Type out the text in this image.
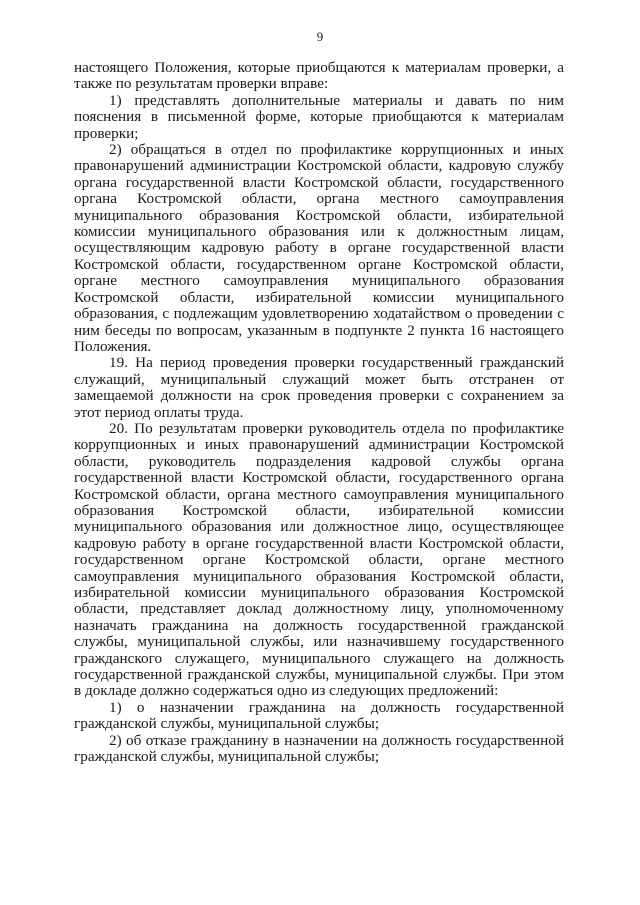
9

настоящего Положения, которые приобщаются к материалам проверки, а также по результатам проверки вправе:

1) представлять дополнительные материалы и давать по ним пояснения в письменной форме, которые приобщаются к материалам проверки;

2) обращаться в отдел по профилактике коррупционных и иных правонарушений администрации Костромской области, кадровую службу органа государственной власти Костромской области, государственного органа Костромской области, органа местного самоуправления муниципального образования Костромской области, избирательной комиссии муниципального образования или к должностным лицам, осуществляющим кадровую работу в органе государственной власти Костромской области, государственном органе Костромской области, органе местного самоуправления муниципального образования Костромской области, избирательной комиссии муниципального образования, с подлежащим удовлетворению ходатайством о проведении с ним беседы по вопросам, указанным в подпункте 2 пункта 16 настоящего Положения.

19. На период проведения проверки государственный гражданский служащий, муниципальный служащий может быть отстранен от замещаемой должности на срок проведения проверки с сохранением за этот период оплаты труда.

20. По результатам проверки руководитель отдела по профилактике коррупционных и иных правонарушений администрации Костромской области, руководитель подразделения кадровой службы органа государственной власти Костромской области, государственного органа Костромской области, органа местного самоуправления муниципального образования Костромской области, избирательной комиссии муниципального образования или должностное лицо, осуществляющее кадровую работу в органе государственной власти Костромской области, государственном органе Костромской области, органе местного самоуправления муниципального образования Костромской области, избирательной комиссии муниципального образования Костромской области, представляет доклад должностному лицу, уполномоченному назначать гражданина на должность государственной гражданской службы, муниципальной службы, или назначившему государственного гражданского служащего, муниципального служащего на должность государственной гражданской службы, муниципальной службы. При этом в докладе должно содержаться одно из следующих предложений:

1) о назначении гражданина на должность государственной гражданской службы, муниципальной службы;

2) об отказе гражданину в назначении на должность государственной гражданской службы, муниципальной службы;
